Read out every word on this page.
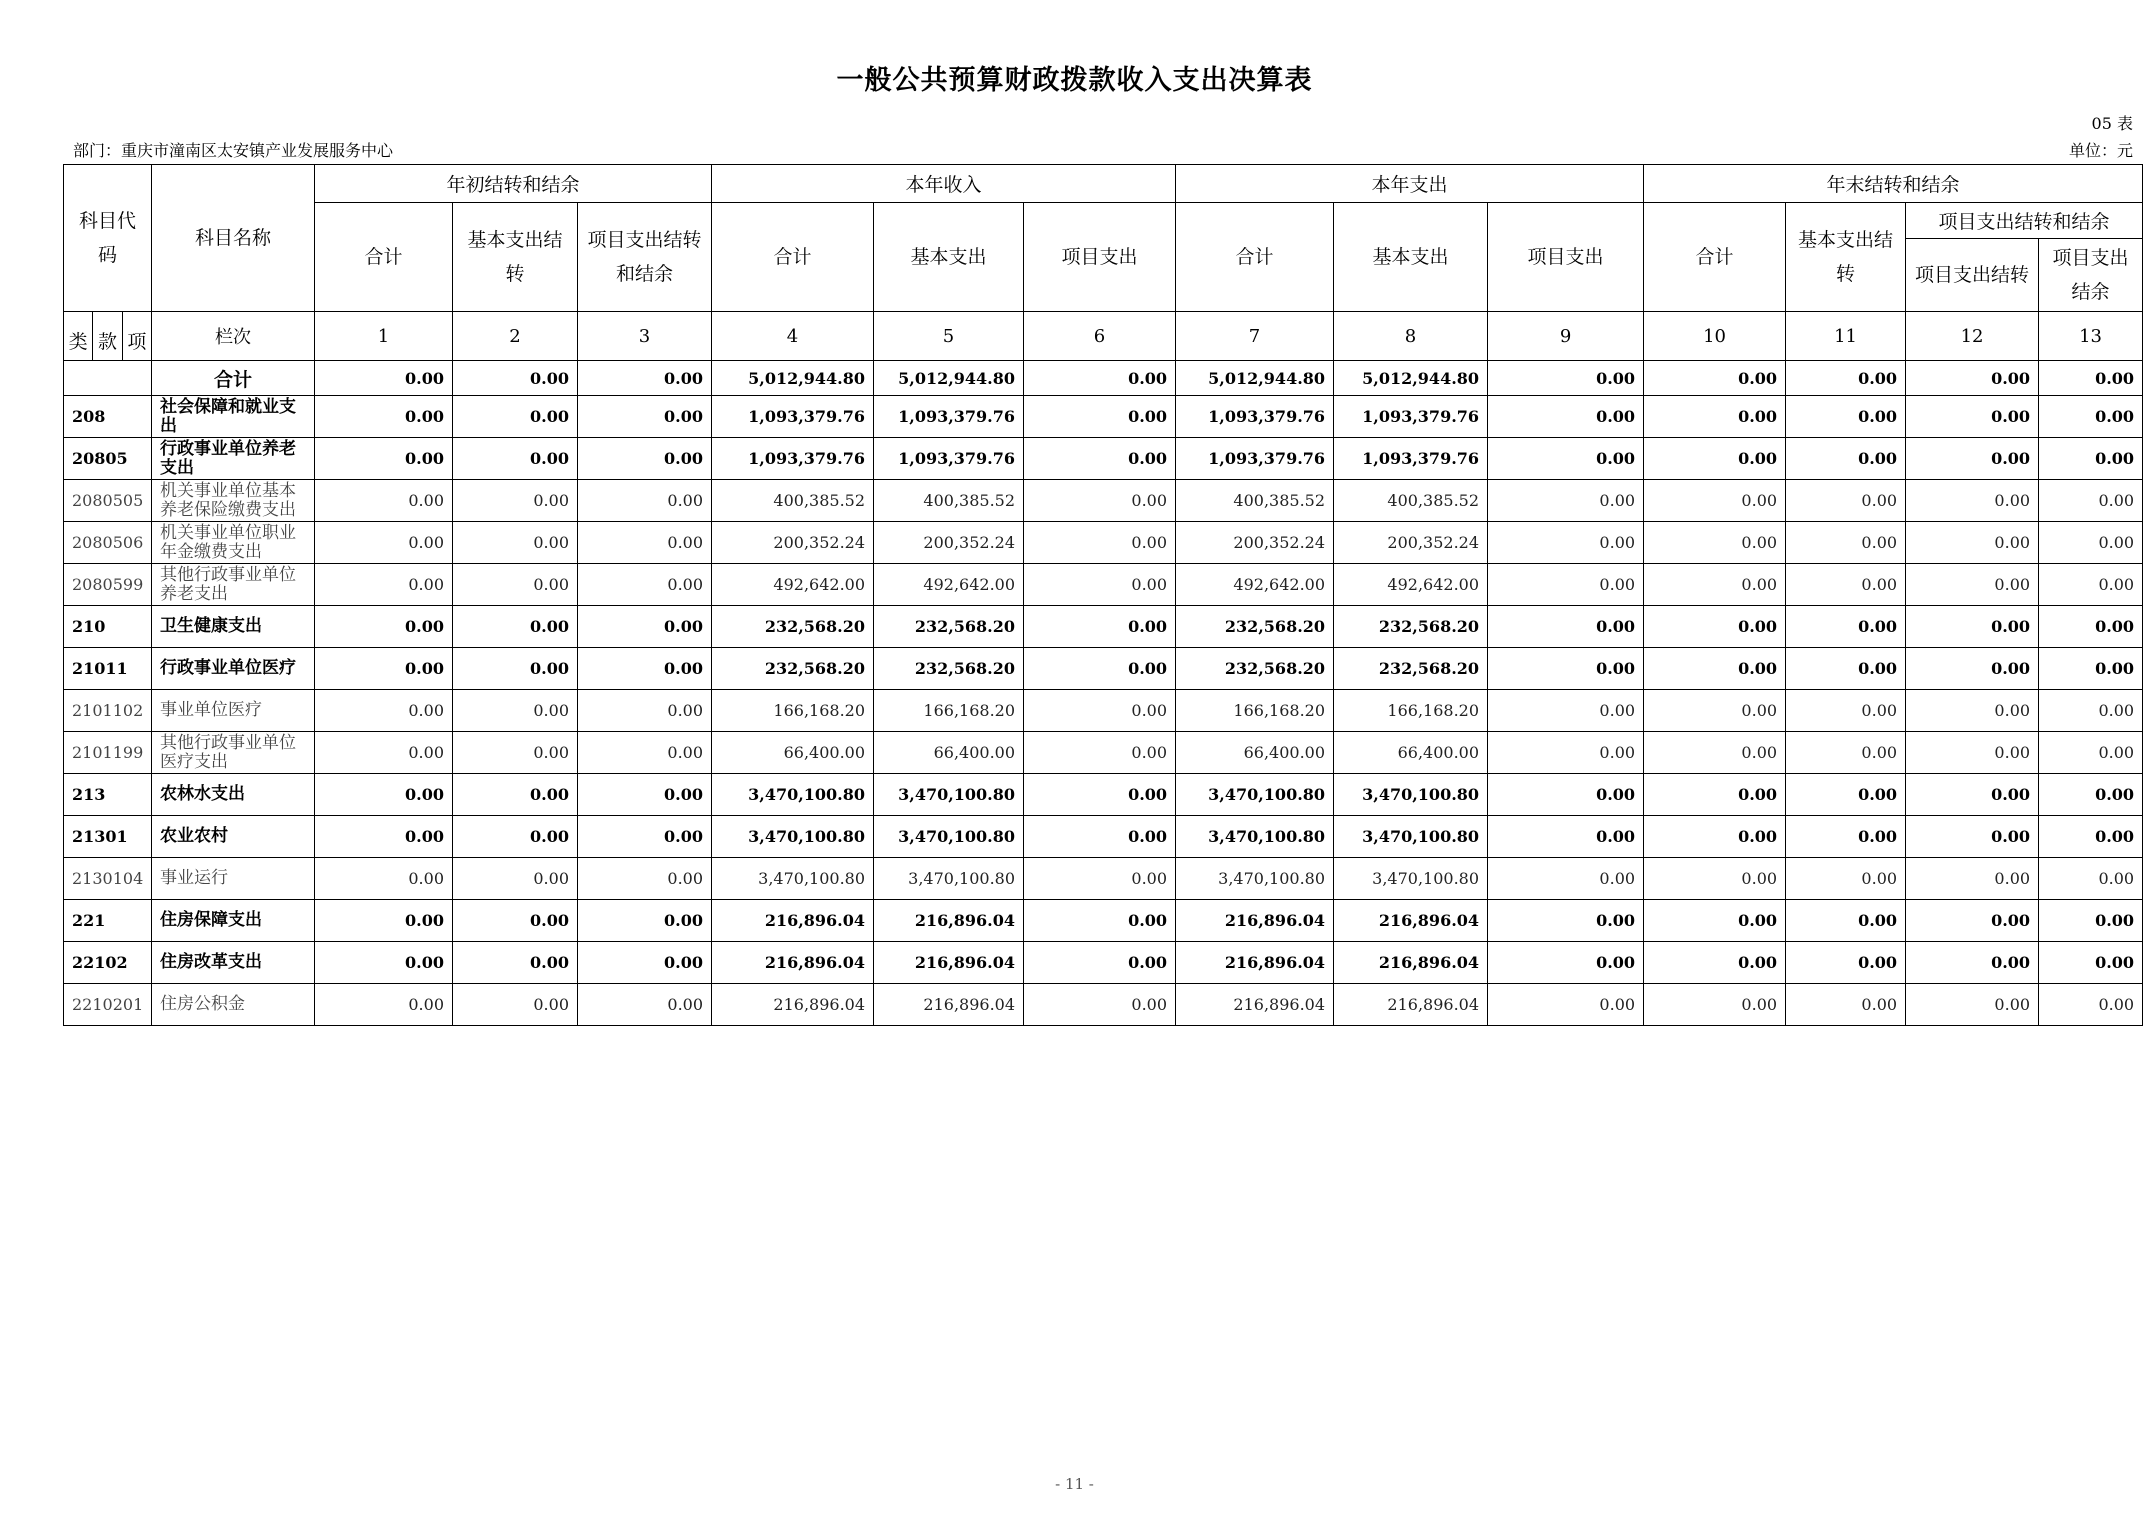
一般公共预算财政拨款收入支出决算表
05 表
部门：重庆市潼南区太安镇产业发展服务中心	单位：元
科目代码	科目名称	年初结转和结余			本年收入			本年支出			年末结转和结余			
		合计	基本支出结转	项目支出结转和结余	合计	基本支出	项目支出	合计	基本支出	项目支出	合计	基本支出结转	项目支出结转和结余	
													项目支出结转	项目支出结余

类 款 项	栏次	1	2	3	4	5	6	7	8	9	10	11	12	13
	合计	0.00	0.00	0.00	5,012,944.80	5,012,944.80	0.00	5,012,944.80	5,012,944.80	0.00	0.00	0.00	0.00	0.00
208	社会保障和就业支出	0.00	0.00	0.00	1,093,379.76	1,093,379.76	0.00	1,093,379.76	1,093,379.76	0.00	0.00	0.00	0.00	0.00
20805	行政事业单位养老支出	0.00	0.00	0.00	1,093,379.76	1,093,379.76	0.00	1,093,379.76	1,093,379.76	0.00	0.00	0.00	0.00	0.00
2080505	机关事业单位基本养老保险缴费支出	0.00	0.00	0.00	400,385.52	400,385.52	0.00	400,385.52	400,385.52	0.00	0.00	0.00	0.00	0.00
2080506	机关事业单位职业年金缴费支出	0.00	0.00	0.00	200,352.24	200,352.24	0.00	200,352.24	200,352.24	0.00	0.00	0.00	0.00	0.00
2080599	其他行政事业单位养老支出	0.00	0.00	0.00	492,642.00	492,642.00	0.00	492,642.00	492,642.00	0.00	0.00	0.00	0.00	0.00
210	卫生健康支出	0.00	0.00	0.00	232,568.20	232,568.20	0.00	232,568.20	232,568.20	0.00	0.00	0.00	0.00	0.00
21011	行政事业单位医疗	0.00	0.00	0.00	232,568.20	232,568.20	0.00	232,568.20	232,568.20	0.00	0.00	0.00	0.00	0.00
2101102	事业单位医疗	0.00	0.00	0.00	166,168.20	166,168.20	0.00	166,168.20	166,168.20	0.00	0.00	0.00	0.00	0.00
2101199	其他行政事业单位医疗支出	0.00	0.00	0.00	66,400.00	66,400.00	0.00	66,400.00	66,400.00	0.00	0.00	0.00	0.00	0.00
213	农林水支出	0.00	0.00	0.00	3,470,100.80	3,470,100.80	0.00	3,470,100.80	3,470,100.80	0.00	0.00	0.00	0.00	0.00
21301	农业农村	0.00	0.00	0.00	3,470,100.80	3,470,100.80	0.00	3,470,100.80	3,470,100.80	0.00	0.00	0.00	0.00	0.00
2130104	事业运行	0.00	0.00	0.00	3,470,100.80	3,470,100.80	0.00	3,470,100.80	3,470,100.80	0.00	0.00	0.00	0.00	0.00
221	住房保障支出	0.00	0.00	0.00	216,896.04	216,896.04	0.00	216,896.04	216,896.04	0.00	0.00	0.00	0.00	0.00
22102	住房改革支出	0.00	0.00	0.00	216,896.04	216,896.04	0.00	216,896.04	216,896.04	0.00	0.00	0.00	0.00	0.00
2210201	住房公积金	0.00	0.00	0.00	216,896.04	216,896.04	0.00	216,896.04	216,896.04	0.00	0.00	0.00	0.00	0.00
- 11 -
